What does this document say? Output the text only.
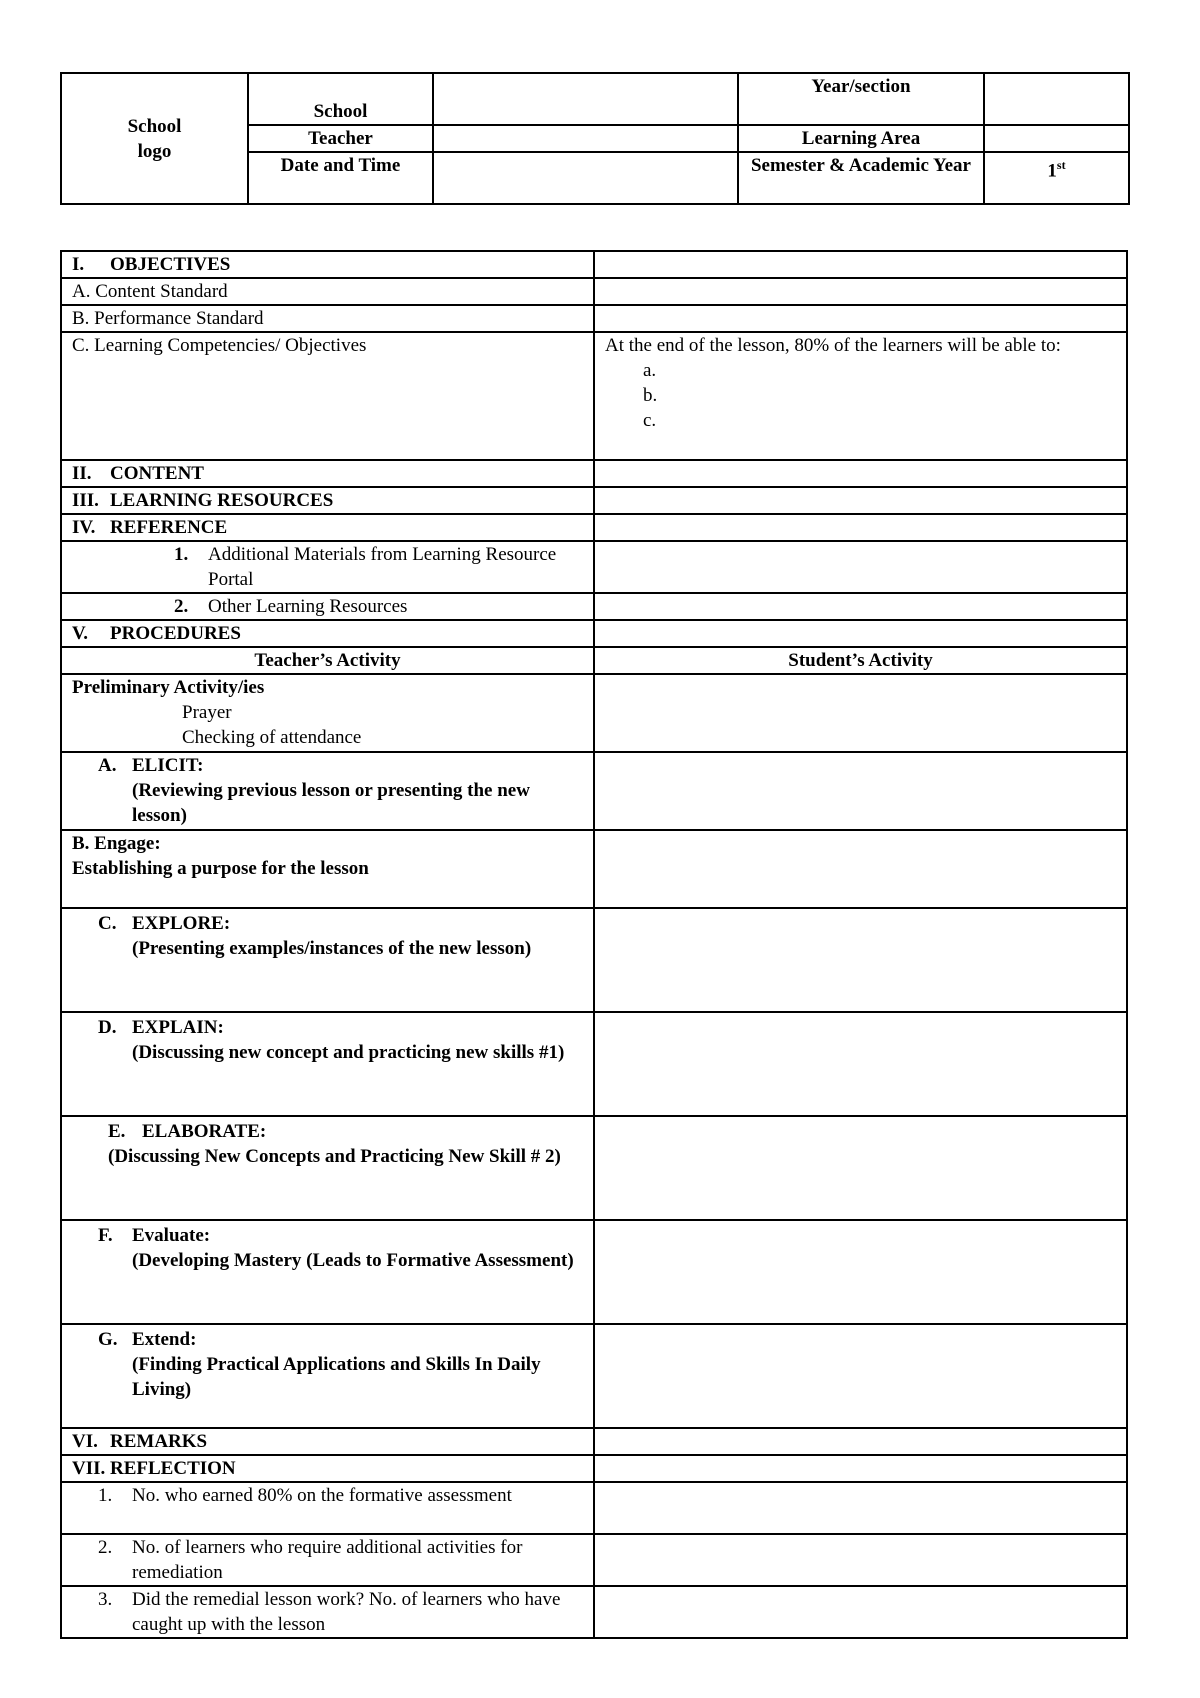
School logo	School		Year/section	
	Teacher		Learning Area	
	Date and Time		Semester & Academic Year	1st
I. OBJECTIVES	
A. Content Standard	
B. Performance Standard	
C. Learning Competencies/ Objectives	At the end of the lesson, 80% of the learners will be able to:
a.
b.
c.

II. CONTENT	
III. LEARNING RESOURCES	
IV. REFERENCE	

1. Additional Materials from Learning Resource Portal	

2. Other Learning Resources	

V. PROCEDURES	
Teacher’s Activity	Student’s Activity

Preliminary Activity/ies
Prayer
Checking of attendance	

A. ELICIT:
(Reviewing previous lesson or presenting the new lesson)	

B. Engage:
Establishing a purpose for the lesson	

C. EXPLORE:
(Presenting examples/instances of the new lesson)	

D. EXPLAIN:
(Discussing new concept and practicing new skills #1)	

E. ELABORATE:
(Discussing New Concepts and Practicing New Skill # 2)	

F. Evaluate:
(Developing Mastery (Leads to Formative Assessment)	

G. Extend:
(Finding Practical Applications and Skills In Daily Living)	

VI. REMARKS	
VII. REFLECTION	

1. No. who earned 80% on the formative assessment	

2. No. of learners who require additional activities for remediation	

3. Did the remedial lesson work? No. of learners who have caught up with the lesson	
